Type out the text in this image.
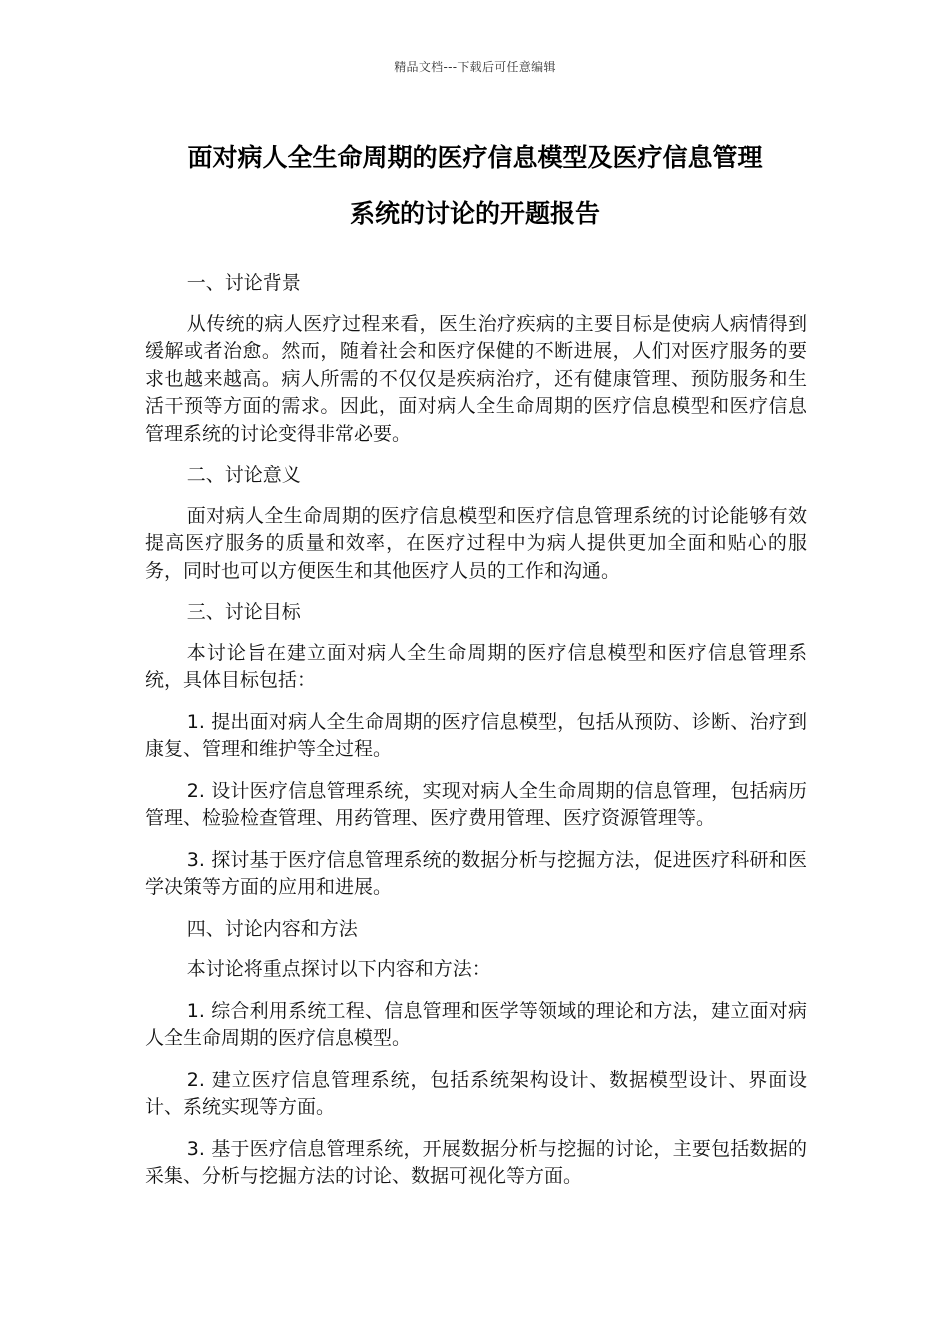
精品文档---下载后可任意编辑
面对病人全生命周期的医疗信息模型及医疗信息管理
系统的讨论的开题报告

一、讨论背景

从传统的病人医疗过程来看，医生治疗疾病的主要目标是使病人病情得到缓解或者治愈。然而，随着社会和医疗保健的不断进展，人们对医疗服务的要求也越来越高。病人所需的不仅仅是疾病治疗，还有健康管理、预防服务和生活干预等方面的需求。因此，面对病人全生命周期的医疗信息模型和医疗信息管理系统的讨论变得非常必要。

二、讨论意义

面对病人全生命周期的医疗信息模型和医疗信息管理系统的讨论能够有效提高医疗服务的质量和效率，在医疗过程中为病人提供更加全面和贴心的服务，同时也可以方便医生和其他医疗人员的工作和沟通。

三、讨论目标

本讨论旨在建立面对病人全生命周期的医疗信息模型和医疗信息管理系统，具体目标包括：

1. 提出面对病人全生命周期的医疗信息模型，包括从预防、诊断、治疗到康复、管理和维护等全过程。

2. 设计医疗信息管理系统，实现对病人全生命周期的信息管理，包括病历管理、检验检查管理、用药管理、医疗费用管理、医疗资源管理等。

3. 探讨基于医疗信息管理系统的数据分析与挖掘方法，促进医疗科研和医学决策等方面的应用和进展。

四、讨论内容和方法

本讨论将重点探讨以下内容和方法：

1. 综合利用系统工程、信息管理和医学等领域的理论和方法，建立面对病人全生命周期的医疗信息模型。

2. 建立医疗信息管理系统，包括系统架构设计、数据模型设计、界面设计、系统实现等方面。

3. 基于医疗信息管理系统，开展数据分析与挖掘的讨论，主要包括数据的采集、分析与挖掘方法的讨论、数据可视化等方面。
